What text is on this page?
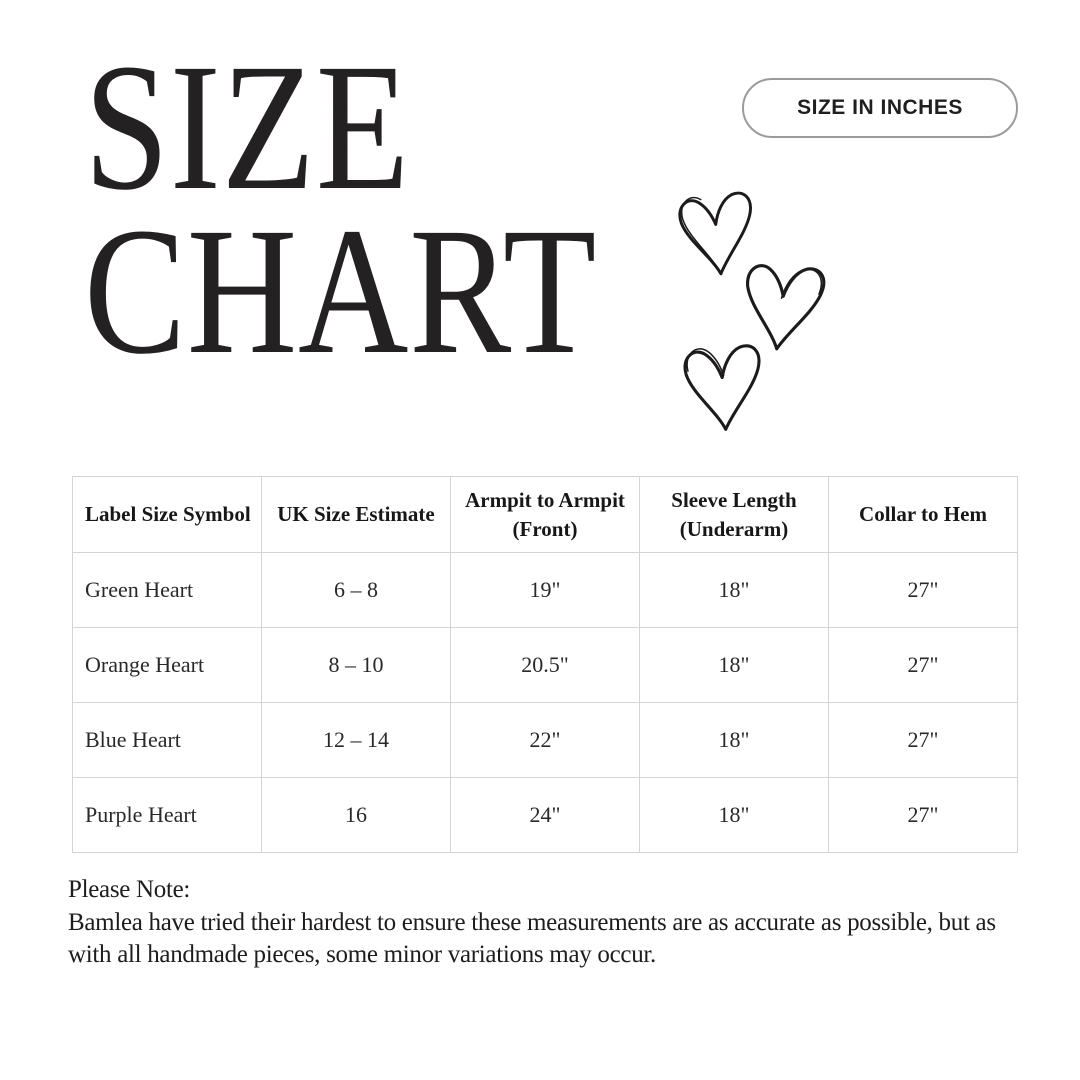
SIZE
CHART
SIZE IN INCHES
Label Size Symbol	UK Size Estimate	Armpit to Armpit (Front)	Sleeve Length (Underarm)	Collar to Hem
Green Heart	6 – 8	19"	18"	27"
Orange Heart	8 – 10	20.5"	18"	27"
Blue Heart	12 – 14	22"	18"	27"
Purple Heart	16	24"	18"	27"
Please Note:
Bamlea have tried their hardest to ensure these measurements are as accurate as possible, but as with all handmade pieces, some minor variations may occur.
